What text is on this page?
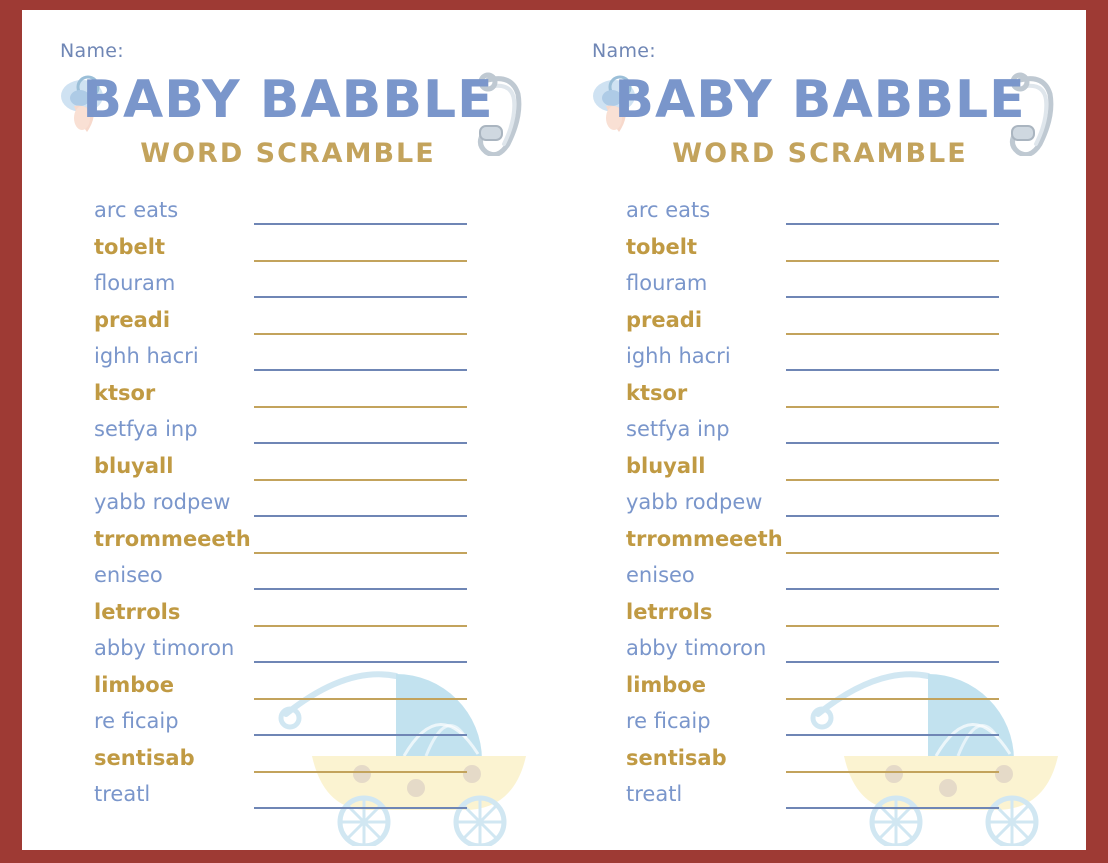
Name:
BABY BABBLE
WORD SCRAMBLE
arc eats
tobelt
flouram
preadi
ighh hacri
ktsor
setfya inp
bluyall
yabb rodpew
trrommeeeth
eniseo
letrrols
abby timoron
limboe
re ficaip
sentisab
treatl
Name:
BABY BABBLE
WORD SCRAMBLE
arc eats
tobelt
flouram
preadi
ighh hacri
ktsor
setfya inp
bluyall
yabb rodpew
trrommeeeth
eniseo
letrrols
abby timoron
limboe
re ficaip
sentisab
treatl
